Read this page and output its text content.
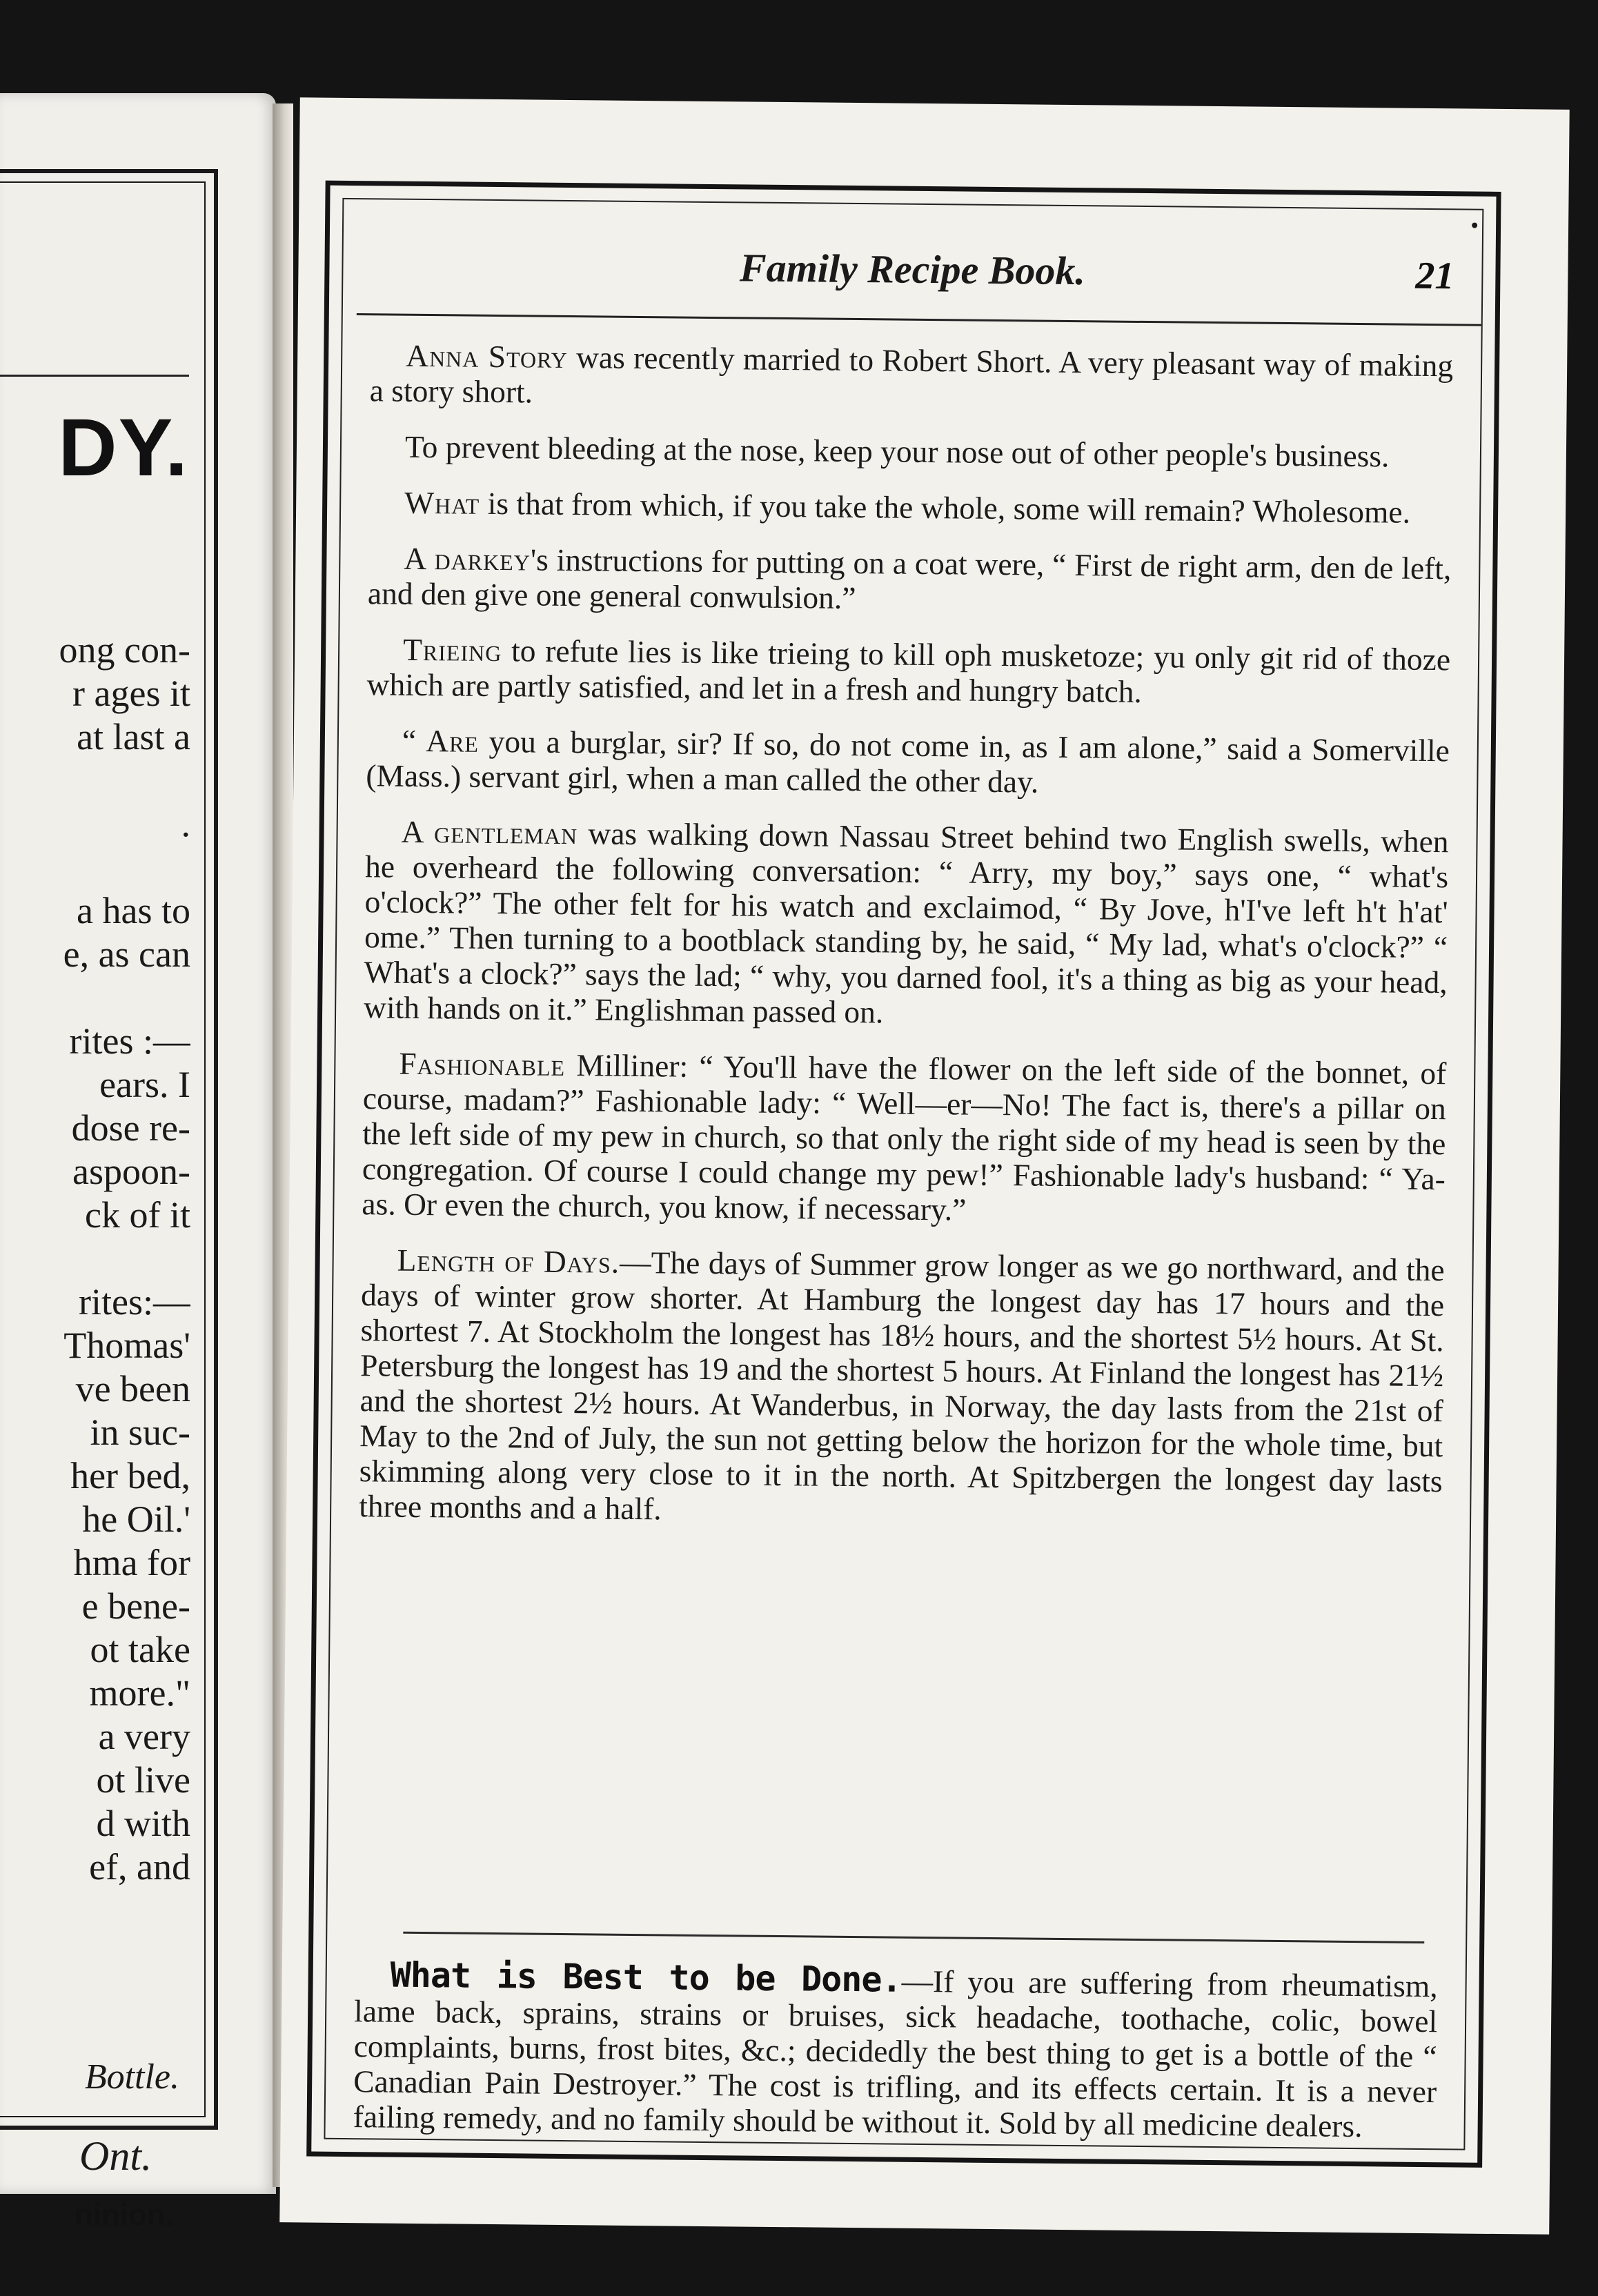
DY.
ong con-
r ages it
at last a
.
a has to
e, as can
rites :—
ears. I
dose re-
aspoon-
ck of it
rites:—
Thomas'
ve been
in suc-
her bed,
he Oil.'
hma for
e bene-
ot take
more."
a very
ot live
d with
ef, and
Bottle.
Ont.
ninion.
Family Recipe Book.	21

Anna Story was recently married to Robert Short. A very pleasant way of making a story short.

To prevent bleeding at the nose, keep your nose out of other people's business.

What is that from which, if you take the whole, some will remain? Wholesome.

A darkey's instructions for putting on a coat were, “ First de right arm, den de left, and den give one general conwulsion.”

Trieing to refute lies is like trieing to kill oph musketoze; yu only git rid of thoze which are partly satisfied, and let in a fresh and hungry batch.

“ Are you a burglar, sir? If so, do not come in, as I am alone,” said a Somerville (Mass.) servant girl, when a man called the other day.

A gentleman was walking down Nassau Street behind two English swells, when he overheard the following conversation: “ Arry, my boy,” says one, “ what's o'clock?” The other felt for his watch and exclaimod, “ By Jove, h'I've left h't h'at' ome.” Then turning to a bootblack standing by, he said, “ My lad, what's o'clock?” “ What's a clock?” says the lad; “ why, you darned fool, it's a thing as big as your head, with hands on it.” Englishman passed on.

Fashionable Milliner: “ You'll have the flower on the left side of the bonnet, of course, madam?” Fashionable lady: “ Well—er—No! The fact is, there's a pillar on the left side of my pew in church, so that only the right side of my head is seen by the congregation. Of course I could change my pew!” Fashionable lady's husband: “ Ya-as. Or even the church, you know, if necessary.”

Length of Days.—The days of Summer grow longer as we go northward, and the days of winter grow shorter. At Hamburg the longest day has 17 hours and the shortest 7. At Stockholm the longest has 18½ hours, and the shortest 5½ hours. At St. Petersburg the longest has 19 and the shortest 5 hours. At Finland the longest has 21½ and the shortest 2½ hours. At Wanderbus, in Norway, the day lasts from the 21st of May to the 2nd of July, the sun not getting below the horizon for the whole time, but skimming along very close to it in the north. At Spitzbergen the longest day lasts three months and a half.

What is Best to be Done.—If you are suffering from rheumatism, lame back, sprains, strains or bruises, sick headache, toothache, colic, bowel complaints, burns, frost bites, &c.; decidedly the best thing to get is a bottle of the “ Canadian Pain Destroyer.” The cost is trifling, and its effects certain. It is a never failing remedy, and no family should be without it. Sold by all medicine dealers.
